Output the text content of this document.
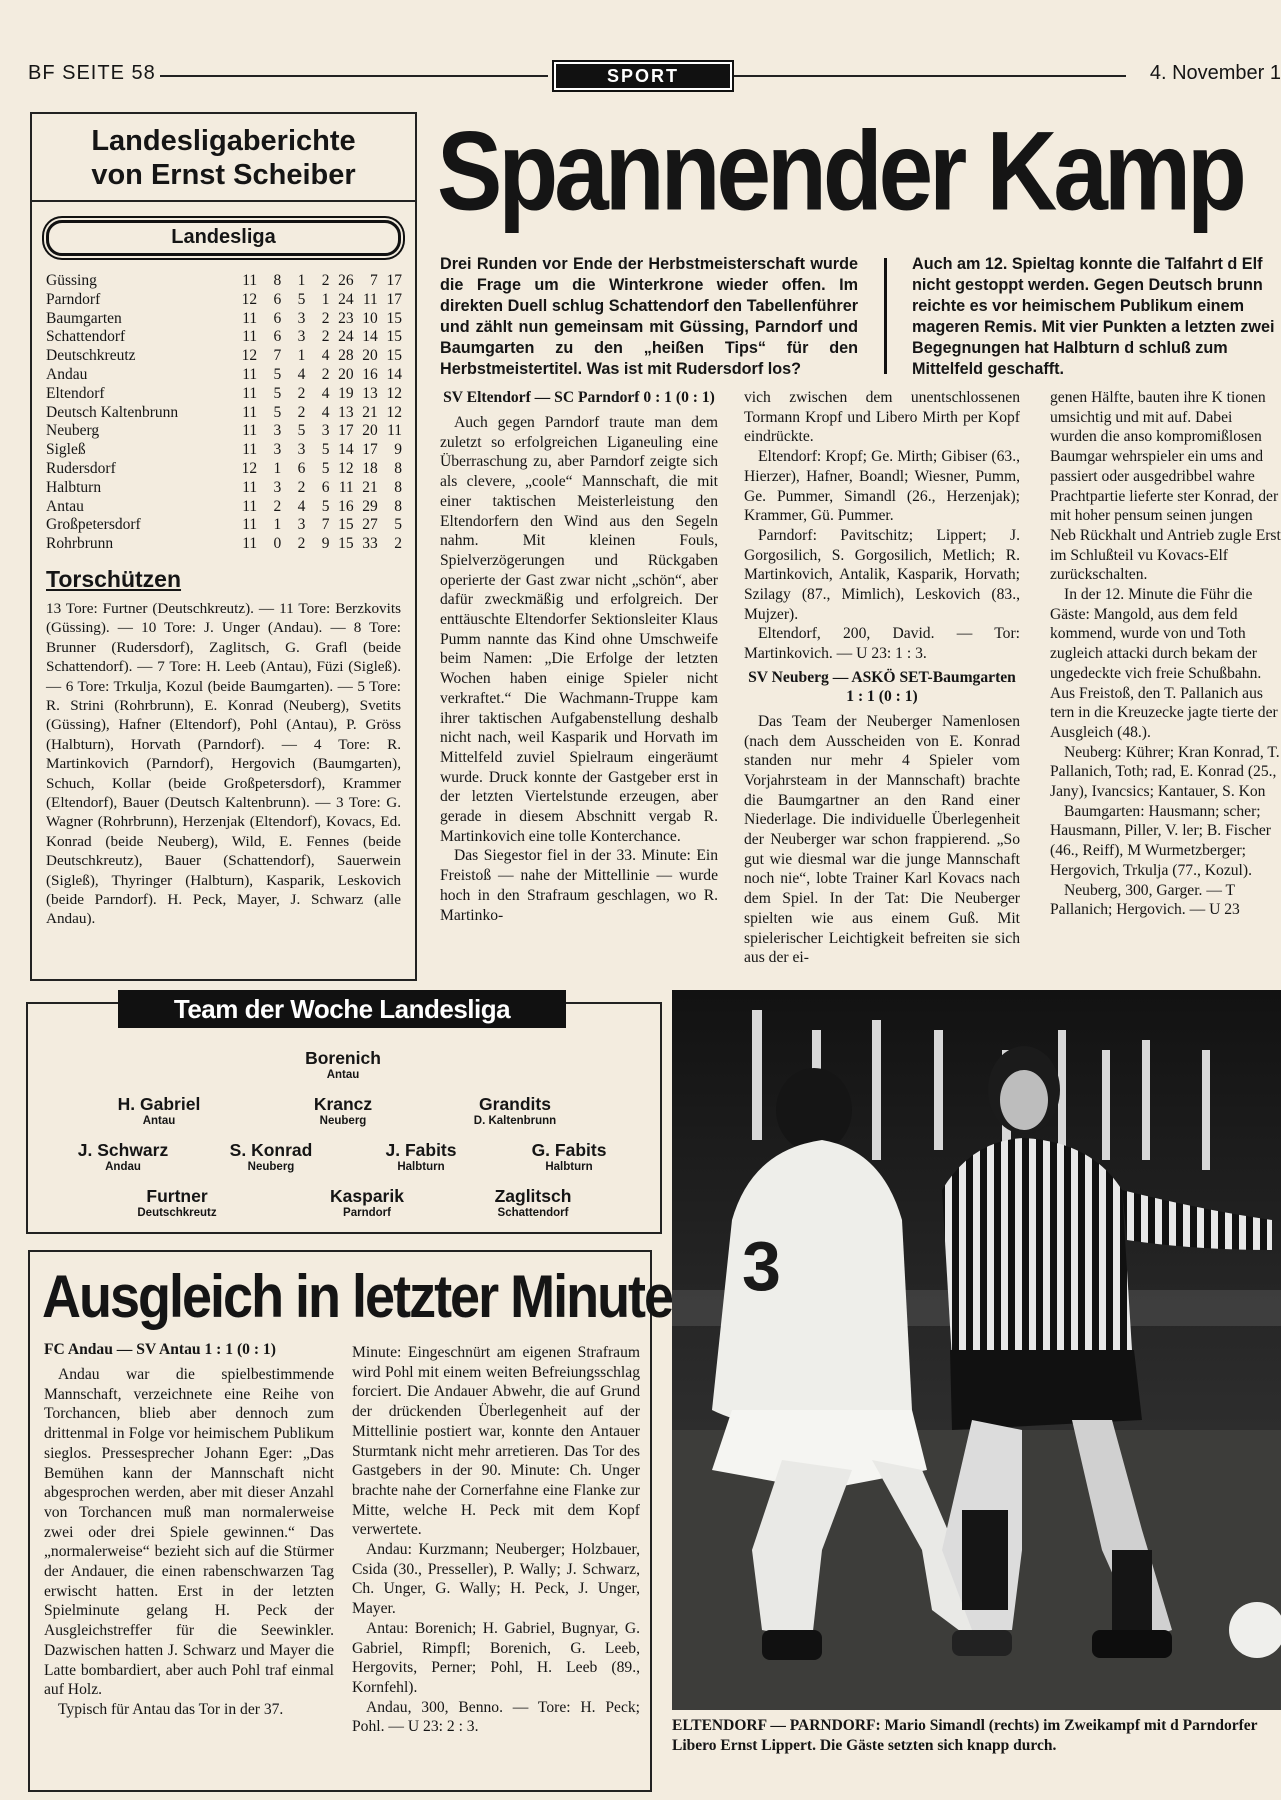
BF SEITE 58	SPORT	4. November 1
Landesligaberichte
von Ernst Scheiber
Landesliga
Güssing	11	8	1	2	26	7	17
Parndorf	12	6	5	1	24	11	17
Baumgarten	11	6	3	2	23	10	15
Schattendorf	11	6	3	2	24	14	15
Deutschkreutz	12	7	1	4	28	20	15
Andau	11	5	4	2	20	16	14
Eltendorf	11	5	2	4	19	13	12
Deutsch Kaltenbrunn	11	5	2	4	13	21	12
Neuberg	11	3	5	3	17	20	11
Sigleß	11	3	3	5	14	17	9
Rudersdorf	12	1	6	5	12	18	8
Halbturn	11	3	2	6	11	21	8
Antau	11	2	4	5	16	29	8
Großpetersdorf	11	1	3	7	15	27	5
Rohrbrunn	11	0	2	9	15	33	2
Torschützen
13 Tore: Furtner (Deutschkreutz). — 11 Tore: Berzkovits (Güssing). — 10 Tore: J. Unger (Andau). — 8 Tore: Brunner (Rudersdorf), Zaglitsch, G. Grafl (beide Schattendorf). — 7 Tore: H. Leeb (Antau), Füzi (Sigleß). — 6 Tore: Trkulja, Kozul (beide Baumgarten). — 5 Tore: R. Strini (Rohrbrunn), E. Konrad (Neuberg), Svetits (Güssing), Hafner (Eltendorf), Pohl (Antau), P. Gröss (Halbturn), Horvath (Parndorf). — 4 Tore: R. Martinkovich (Parndorf), Hergovich (Baumgarten), Schuch, Kollar (beide Großpetersdorf), Krammer (Eltendorf), Bauer (Deutsch Kaltenbrunn). — 3 Tore: G. Wagner (Rohrbrunn), Herzenjak (Eltendorf), Kovacs, Ed. Konrad (beide Neuberg), Wild, E. Fennes (beide Deutschkreutz), Bauer (Schattendorf), Sauerwein (Sigleß), Thyringer (Halbturn), Kasparik, Leskovich (beide Parndorf). H. Peck, Mayer, J. Schwarz (alle Andau).
Spannender Kamp
Drei Runden vor Ende der Herbstmeisterschaft wurde die Frage um die Winterkrone wieder offen. Im direkten Duell schlug Schattendorf den Tabellenführer und zählt nun gemeinsam mit Güssing, Parndorf und Baumgarten zu den „heißen Tips“ für den Herbstmeistertitel. Was ist mit Rudersdorf los?
Auch am 12. Spieltag konnte die Talfahrt d Elf nicht gestoppt werden. Gegen Deutsch brunn reichte es vor heimischem Publikum einem mageren Remis. Mit vier Punkten a letzten zwei Begegnungen hat Halbturn d schluß zum Mittelfeld geschafft.

SV Eltendorf — SC Parndorf 0 : 1 (0 : 1)

Auch gegen Parndorf traute man dem zuletzt so erfolgreichen Liganeuling eine Überraschung zu, aber Parndorf zeigte sich als clevere, „coole“ Mannschaft, die mit einer taktischen Meisterleistung den Eltendorfern den Wind aus den Segeln nahm. Mit kleinen Fouls, Spielverzögerungen und Rückgaben operierte der Gast zwar nicht „schön“, aber dafür zweckmäßig und erfolgreich. Der enttäuschte Eltendorfer Sektionsleiter Klaus Pumm nannte das Kind ohne Umschweife beim Namen: „Die Erfolge der letzten Wochen haben einige Spieler nicht verkraftet.“ Die Wachmann-Truppe kam ihrer taktischen Aufgabenstellung deshalb nicht nach, weil Kasparik und Horvath im Mittelfeld zuviel Spielraum eingeräumt wurde. Druck konnte der Gastgeber erst in der letzten Viertelstunde erzeugen, aber gerade in diesem Abschnitt vergab R. Martinkovich eine tolle Konterchance.

Das Siegestor fiel in der 33. Minute: Ein Freistoß — nahe der Mittellinie — wurde hoch in den Strafraum geschlagen, wo R. Martinko-

vich zwischen dem unentschlossenen Tormann Kropf und Libero Mirth per Kopf eindrückte.

Eltendorf: Kropf; Ge. Mirth; Gibiser (63., Hierzer), Hafner, Boandl; Wiesner, Pumm, Ge. Pummer, Simandl (26., Herzenjak); Krammer, Gü. Pummer.

Parndorf: Pavitschitz; Lippert; J. Gorgosilich, S. Gorgosilich, Metlich; R. Martinkovich, Antalik, Kasparik, Horvath; Szilagy (87., Mimlich), Leskovich (83., Mujzer).

Eltendorf, 200, David. — Tor: Martinkovich. — U 23: 1 : 3.

SV Neuberg — ASKÖ SET-Baumgarten 1 : 1 (0 : 1)

Das Team der Neuberger Namenlosen (nach dem Ausscheiden von E. Konrad standen nur mehr 4 Spieler vom Vorjahrsteam in der Mannschaft) brachte die Baumgartner an den Rand einer Niederlage. Die individuelle Überlegenheit der Neuberger war schon frappierend. „So gut wie diesmal war die junge Mannschaft noch nie“, lobte Trainer Karl Kovacs nach dem Spiel. In der Tat: Die Neuberger spielten wie aus einem Guß. Mit spielerischer Leichtigkeit befreiten sie sich aus der ei-

genen Hälfte, bauten ihre K tionen umsichtig und mit auf. Dabei wurden die anso kompromißlosen Baumgar wehrspieler ein ums and passiert oder ausgedribbel wahre Prachtpartie lieferte ster Konrad, der mit hoher pensum seinen jungen Neb Rückhalt und Antrieb zugle Erst im Schlußteil vu Kovacs-Elf zurückschalten.

In der 12. Minute die Führ die Gäste: Mangold, aus dem feld kommend, wurde von und Toth zugleich attacki durch bekam der ungedeckte vich freie Schußbahn. Aus Freistoß, den T. Pallanich aus tern in die Kreuzecke jagte tierte der Ausgleich (48.).

Neuberg: Kührer; Kran Konrad, T. Pallanich, Toth; rad, E. Konrad (25., Jany), Ivancsics; Kantauer, S. Kon

Baumgarten: Hausmann; scher; Hausmann, Piller, V. ler; B. Fischer (46., Reiff), M Wurmetzberger; Hergovich, Trkulja (77., Kozul).

Neuberg, 300, Garger. — T Pallanich; Hergovich. — U 23

Team der Woche Landesliga
Borenich
Antau
H. Gabriel
Antau
Krancz
Neuberg
Grandits
D. Kaltenbrunn
J. Schwarz
Andau
S. Konrad
Neuberg
J. Fabits
Halbturn
G. Fabits
Halbturn
Furtner
Deutschkreutz
Kasparik
Parndorf
Zaglitsch
Schattendorf
Ausgleich in letzter Minute

FC Andau — SV Antau 1 : 1 (0 : 1)

Andau war die spielbestimmende Mannschaft, verzeichnete eine Reihe von Torchancen, blieb aber dennoch zum drittenmal in Folge vor heimischem Publikum sieglos. Pressesprecher Johann Eger: „Das Bemühen kann der Mannschaft nicht abgesprochen werden, aber mit dieser Anzahl von Torchancen muß man normalerweise zwei oder drei Spiele gewinnen.“ Das „normalerweise“ bezieht sich auf die Stürmer der Andauer, die einen rabenschwarzen Tag erwischt hatten. Erst in der letzten Spielminute gelang H. Peck der Ausgleichstreffer für die Seewinkler. Dazwischen hatten J. Schwarz und Mayer die Latte bombardiert, aber auch Pohl traf einmal auf Holz.

Typisch für Antau das Tor in der 37.

Minute: Eingeschnürt am eigenen Strafraum wird Pohl mit einem weiten Befreiungsschlag forciert. Die Andauer Abwehr, die auf Grund der drückenden Überlegenheit auf der Mittellinie postiert war, konnte den Antauer Sturmtank nicht mehr arretieren. Das Tor des Gastgebers in der 90. Minute: Ch. Unger brachte nahe der Cornerfahne eine Flanke zur Mitte, welche H. Peck mit dem Kopf verwertete.

Andau: Kurzmann; Neuberger; Holzbauer, Csida (30., Presseller), P. Wally; J. Schwarz, Ch. Unger, G. Wally; H. Peck, J. Unger, Mayer.

Antau: Borenich; H. Gabriel, Bugnyar, G. Gabriel, Rimpfl; Borenich, G. Leeb, Hergovits, Perner; Pohl, H. Leeb (89., Kornfehl).

Andau, 300, Benno. — Tore: H. Peck; Pohl. — U 23: 2 : 3.

3
ELTENDORF — PARNDORF: Mario Simandl (rechts) im Zweikampf mit d Parndorfer Libero Ernst Lippert. Die Gäste setzten sich knapp durch.
